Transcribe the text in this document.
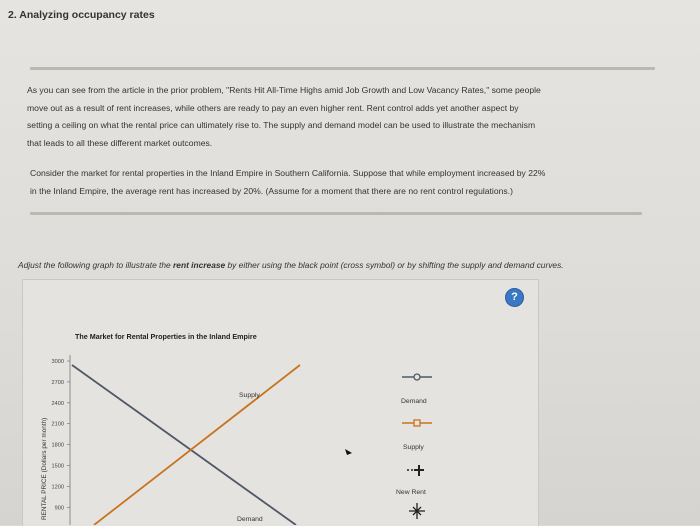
2. Analyzing occupancy rates
As you can see from the article in the prior problem, "Rents Hit All-Time Highs amid Job Growth and Low Vacancy Rates," some people
move out as a result of rent increases, while others are ready to pay an even higher rent. Rent control adds yet another aspect by
setting a ceiling on what the rental price can ultimately rise to. The supply and demand model can be used to illustrate the mechanism
that leads to all these different market outcomes.
Consider the market for rental properties in the Inland Empire in Southern California. Suppose that while employment increased by 22%
in the Inland Empire, the average rent has increased by 20%. (Assume for a moment that there are no rent control regulations.)
Adjust the following graph to illustrate the rent increase by either using the black point (cross symbol) or by shifting the supply and demand curves.
?
The Market for Rental Properties in the Inland Empire
3000
2700
2400
2100
1800
1500
1200
900
RENTAL PRICE (Dollars per month)
Supply
Demand
Demand
Supply
New Rent
